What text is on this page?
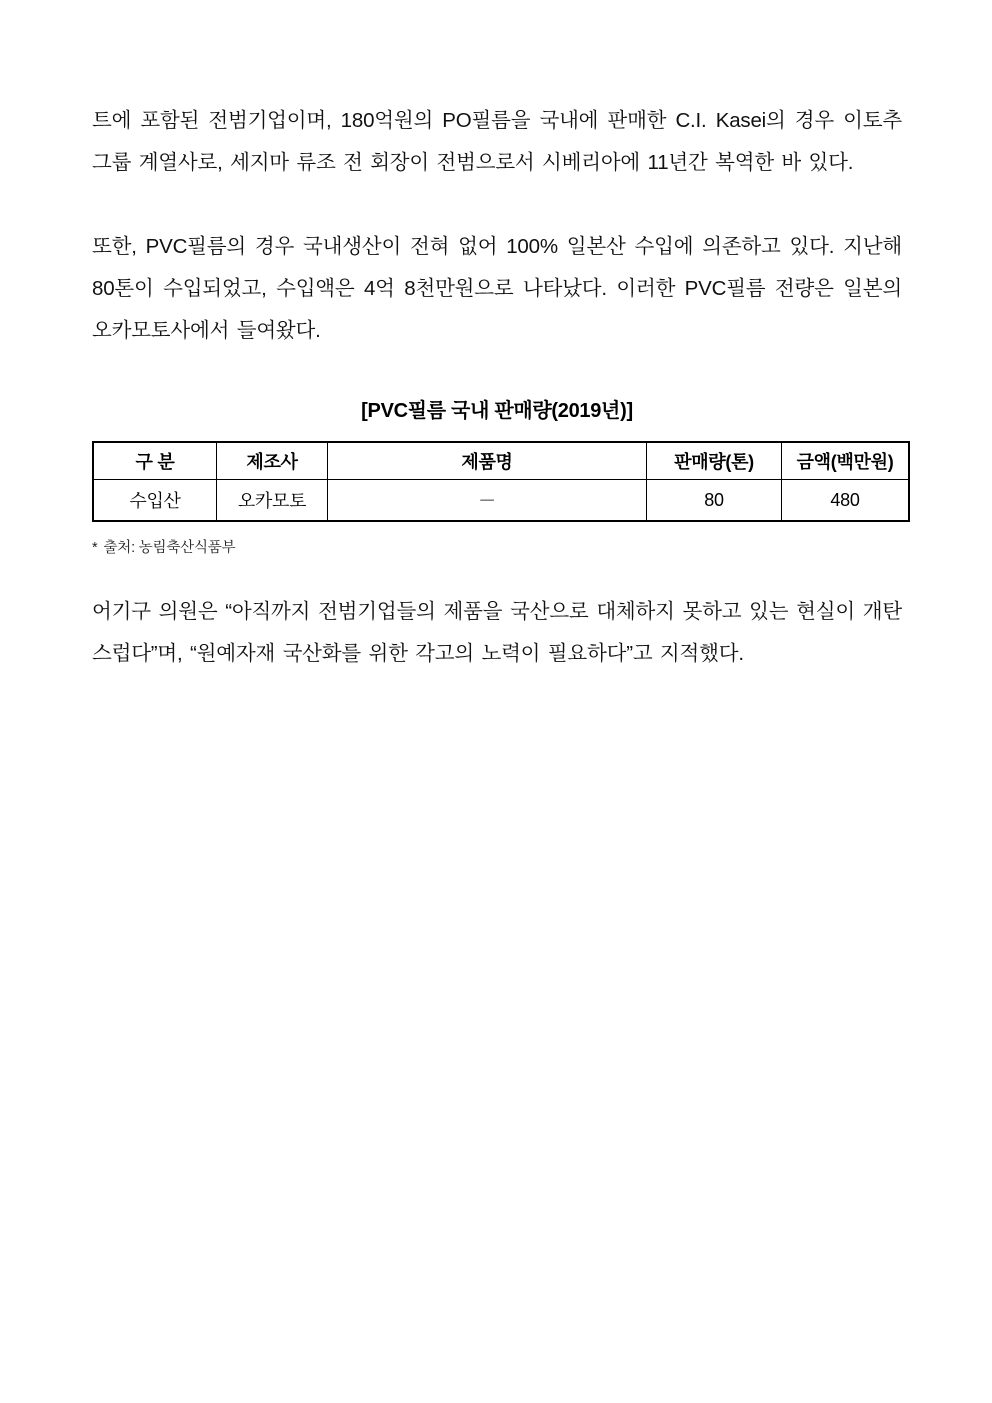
트에 포함된 전범기업이며, 180억원의 PO필름을 국내에 판매한 C.I. Kasei의 경우 이토추그룹 계열사로, 세지마 류조 전 회장이 전범으로서 시베리아에 11년간 복역한 바 있다.

또한, PVC필름의 경우 국내생산이 전혀 없어 100% 일본산 수입에 의존하고 있다. 지난해 80톤이 수입되었고, 수입액은 4억 8천만원으로 나타났다. 이러한 PVC필름 전량은 일본의 오카모토사에서 들여왔다.

[PVC필름 국내 판매량(2019년)]
구 분	제조사	제품명	판매량(톤)	금액(백만원)
수입산	오카모토	－	80	480
* 출처: 농림축산식품부

어기구 의원은 “아직까지 전범기업들의 제품을 국산으로 대체하지 못하고 있는 현실이 개탄스럽다”며, “원예자재 국산화를 위한 각고의 노력이 필요하다”고 지적했다.
